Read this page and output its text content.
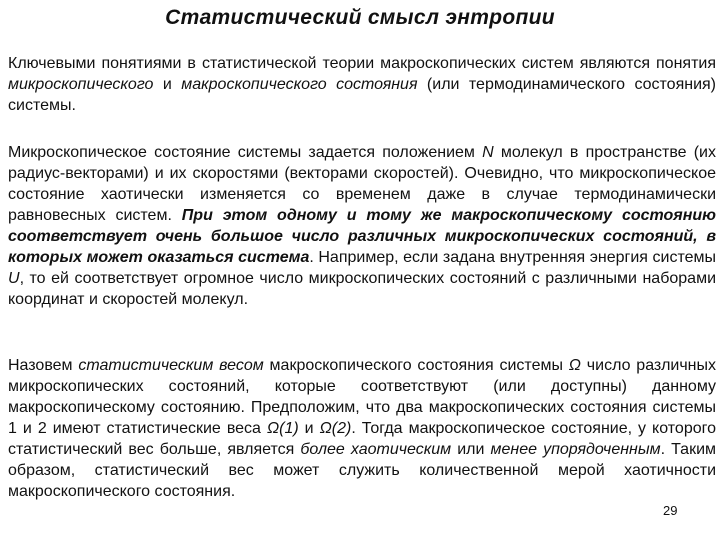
Статистический смысл энтропии
Ключевыми понятиями в статистической теории макроскопических систем являются понятия микроскопического и макроскопического состояния (или термодинамического состояния) системы.
Микроскопическое состояние системы задается положением N молекул в пространстве (их радиус-векторами) и их скоростями (векторами скоростей). Очевидно, что микроскопическое состояние хаотически изменяется со временем даже в случае термодинамически равновесных систем. При этом одному и тому же макроскопическому состоянию соответствует очень большое число различных микроскопических состояний, в которых может оказаться система. Например, если задана внутренняя энергия системы U, то ей соответствует огромное число микроскопических состояний с различными наборами координат и скоростей молекул.
Назовем статистическим весом макроскопического состояния системы Ω число различных микроскопических состояний, которые соответствуют (или доступны) данному макроскопическому состоянию. Предположим, что два макроскопических состояния системы 1 и 2 имеют статистические веса Ω(1) и Ω(2). Тогда макроскопическое состояние, у которого статистический вес больше, является более хаотическим или менее упорядоченным. Таким образом, статистический вес может служить количественной мерой хаотичности макроскопического состояния.
29
